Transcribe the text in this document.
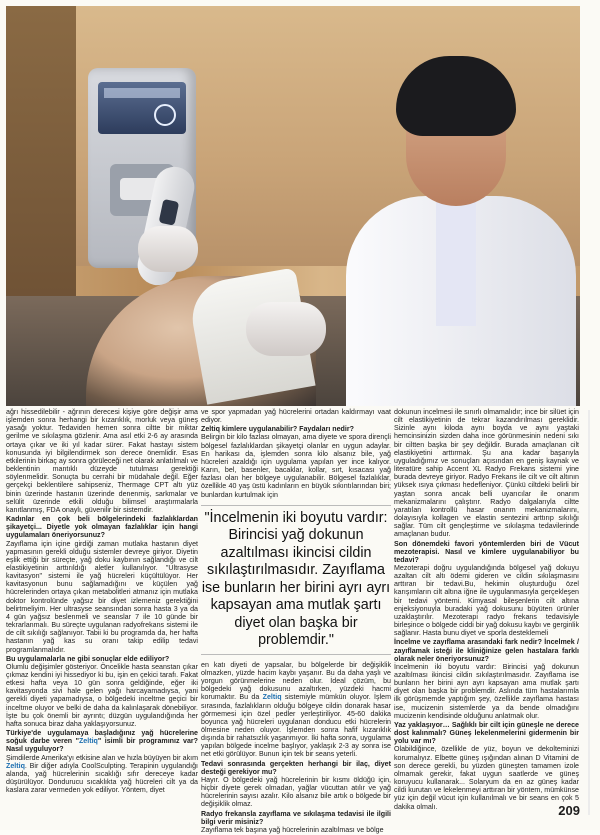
ağrı hissedilebilir - ağrının derecesi kişiye göre değişir ama işlemden sonra herhangi bir kızarıklık, morluk veya güneş yasağı yoktur. Tedaviden hemen sonra ciltte bir miktar gerilme ve sıkılaşma gözlenir. Ama asıl etki 2-6 ay arasında ortaya çıkar ve iki yıl kadar sürer. Fakat hastayı sistem konusunda iyi bilgilendirmek son derece önemlidir. Esas etkilerinin birkaç ay sonra görüleceği net olarak anlatılmalı ve beklentinin mantıklı düzeyde tutulması gerektiği söylenmelidir. Sonuçta bu cerrahi bir müdahale değil. Eğer gerçekçi beklentilere sahipseniz, Thermage CPT altı yüz binin üzerinde hastanın üzerinde denenmiş, sarkmalar ve selülit üzerinde etkili olduğu bilimsel araştırmalarla kanıtlanmış, FDA onaylı, güvenilir bir sistemdir.

Kadınlar en çok beli bölgelerindeki fazlalıklardan şikayetçi... Diyetle yok olmayan fazlalıklar için hangi uygulamaları öneriyorsunuz?

Zayıflama için içine girdiği zaman mutlaka hastanın diyet yapmasının gerekli olduğu sistemler devreye giriyor. Diyetin eşlik ettiği bir süreçte, yağ doku kaybının sağlandığı ve cilt elastikiyetinin arttırıldığı aletler kullanılıyor. "Ultrasyse kavitasyon" sistemi ile yağ hücreleri küçültülüyor. Her kavitasyonun bunu sağlamadığını ve küçülen yağ hücrelerinden ortaya çıkan metabolitleri atmanız için mutlaka doktor kontrolünde yağsız bir diyet izlemeniz gerektiğini belirtmeliyim. Her ultrasyse seansından sonra hasta 3 ya da 4 gün yağsız beslenmeli ve seanslar 7 ile 10 günde bir tekrarlanmalı. Bu süreçte uygulanan radyofrekans sistemi ile de cilt sıkılığı sağlanıyor. Tabii ki bu programda da, her hafta hastanın yağ kas su oranı takip edilip tedavi programlanmalıdır.

Bu uygulamalarla ne gibi sonuçlar elde ediliyor?

Olumlu değişimler gösteriyor. Öncelikle hasta seanstan çıkar çıkmaz kendini iyi hissediyor ki bu, işin en çekici tarafı. Fakat etkesi hafta veya 10 gün sonra geldiğinde, eğer iki kavitasyonda sivi hale gelen yağı harcayamadıysa, yani gerekli diyeti yapamadıysa, o bölgedeki inceltme geçici bir inceltme oluyor ve belki de daha da kalınlaşarak dönebiliyor. İşte bu çok önemli bir ayrıntı; düzgün uygulandığında her hafta sonuca biraz daha yaklaşıyorsunuz.

Türkiye'de uygulamaya başladığınız yağ hücrelerine soğuk darbe veren "Zeltiq" isimli bir programınız var? Nasıl uyguluyor?

Şimdilerde Amerika'yı etkisine alan ve hızla büyüyen bir akım Zeltiq. Bir diğer adıyla CoolSculpting. Terapinin uygulandığı alanda, yağ hücrelerinin sıcaklığı sıfır dereceye kadar düşürülüyor. Dondurucu sıcaklıkta yağ hücreleri cilt ya da kaslara zarar vermeden yok ediliyor. Yöntem, diyet

ve spor yapmadan yağ hücrelerini ortadan kaldırmayı vaat ediyor.

Zeltiq kimlere uygulanabilir? Faydaları nedir?

Belirgin bir kilo fazlası olmayan, ama diyete ve spora dirençli bölgesel fazlalıklardan şikayetçi olanlar en uygun adaylar. En harikası da, işlemden sonra kilo alsanız bile, yağ hücreleri azaldığı için uygulama yapılan yer ince kalıyor. Karın, bel, basenler, bacaklar, kollar, sırt, kısacası yağ fazlası olan her bölgeye uygulanabilir. Bölgesel fazlalıklar, özellikle 40 yaş üstü kadınların en büyük sıkıntılarından biri; bunlardan kurtulmak için

"İncelmenin iki boyutu vardır: Birincisi yağ dokunun azaltılması ikincisi cildin sıkılaştırılmasıdır. Zayıflama ise bunların her birini ayrı ayrı kapsayan ama mutlak şartı diyet olan başka bir problemdir."

en katı diyeti de yapsalar, bu bölgelerde bir değişiklik olmazken, yüzde hacim kaybı yaşanır. Bu da daha yaşlı ve yorgun görünmelerine neden olur. İdeal çözüm, bu bölgedeki yağ dokusunu azaltırken, yüzdeki hacmi korumaktır. Bu da Zeltiq sistemiyle mümkün oluyor. İşlem sırasında, fazlalıkların olduğu bölgeye cildin donarak hasar görmemesi için özel pedler yerleştiriliyor. 45-60 dakika boyunca yağ hücreleri uygulanan donducu etki hücrelerin ölmesine neden oluyor. İşlemden sonra hafif kızarıklık dışında bir rahatsızlık yaşanmıyor. İki hafta sonra, uygulama yapılan bölgede incelme başlıyor, yaklaşık 2-3 ay sonra ise net etki görülüyor. Bunun için tek bir seans yeterli.

Tedavi sonrasında gerçekten herhangi bir ilaç, diyet desteği gerekiyor mu?

Hayır. O bölgedeki yağ hücrelerinin bir kısmı öldüğü için, hiçbir diyete gerek olmadan, yağlar vücuttan atılır ve yağ hücrelerinin sayısı azalır. Kilo alsanız bile artık o bölgede bir değişiklik olmaz.

Radyo frekansla zayıflama ve sıkılaşma tedavisi ile ilgili bilgi verir misiniz?

Zayıflama tek başına yağ hücrelerinin azaltılması ve bölge

dokunun incelmesi ile sınırlı olmamalıdır; ince bir silüet için cilt elastikiyetinin de tekrar kazandırılması gereklidir. Sizinle aynı kiloda aynı boyda ve aynı yaştaki hemcinsinizin sizden daha ince görünmesinin nedeni sıkı bir ciltten başka bir şey değildir. Burada amaçlanan cilt elastikiyetini arttırmak. Şu ana kadar başarıyla uyguladığımız ve sonuçları açısından en geniş kaynak ve literatüre sahip Accent XL Radyo Frekans sistemi yine burada devreye giriyor. Radyo Frekans ile cilt ve cilt altının yüksek ısıya çıkması hedefleniyor. Çünkü ciltdeki belirli bir yaştan sonra ancak belli uyarıcılar ile onarım mekanizmalarını çalıştırır. Radyo dalgalarıyla ciltte yaratılan kontrollü hasar onarım mekanizmalarını, dolayısıyla kollagen ve elastin sentezini arttırıp sıkılığı sağlar. Tüm cilt gençleştirme ve sıkılaşma tedavilerinde amaçlanan budur.

Son dönemdeki favori yöntemlerden biri de Vücut mezoterapisi. Nasıl ve kimlere uygulanabiliyor bu tedavi?

Mezoterapi doğru uygulandığında bölgesel yağ dokuyu azaltan cilt altı ödemi gideren ve cildin sıkılaşmasını arttıran bir tedavi.Bu, hekimin oluşturduğu özel karışımların cilt altına iğne ile uygulanmasıyla gerçekleşen bir tedavi yöntemi. Kimyasal bileşenlerin cilt altına enjeksiyonuyla buradaki yağ dokusunu büyüten ürünler uzaklaştırılır. Mezoterapi radyo frekans tedavisiyle birleşince o bölgede ciddi bir yağ dokusu kaybı ve gerginlik sağlanır. Hasta bunu diyet ve sporla desteklemeli

İncelme ve zayıflama arasındaki fark nedir? İncelmek / zayıflamak isteği ile kliniğinize gelen hastalara farklı olarak neler öneriyorsunuz?

İncelmenin iki boyutu vardır: Birincisi yağ dokunun azaltılması ikincisi cildin sıkılaştırılmasıdır. Zayıflama ise bunların her birini ayrı ayrı kapsayan ama mutlak şartı diyet olan başka bir problemdir. Aslında tüm hastalarımla ilk görüşmemde yaptığım şey, özellikle zayıflama hastası ise, mucizenin sistemlerde ya da bende olmadığını mucizenin kendisinde olduğunu anlatmak olur.

Yaz yaklaşıyor… Sağlıklı bir cilt için güneşle ne derece dost kalınmalı? Güneş lekelenmelerini gidermenin bir yolu var mı?

Olabildiğince, özellikle de yüz, boyun ve dekolteminizi korumalıyız. Elbette güneş ışığından alınan D Vitamini de son derece gerekli, bu yüzden güneşten tamamen izole olmamak gerekir, fakat uygun saatlerde ve güneş koruyucu kullanarak... Solaryum da en az güneş kadar cildi kurutan ve lekelenmeyi arttıran bir yöntem, mümkünse yüz için değil vücut için kullanılmalı ve bir seans en çok 5 dakika olmalı.	209
